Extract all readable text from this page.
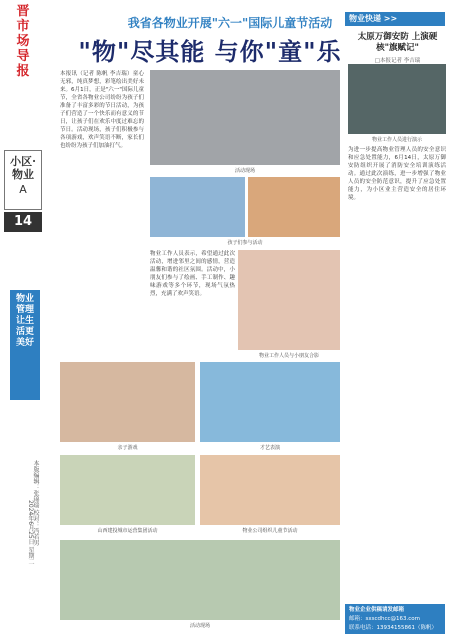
晋
市
场
导
报
小区·物业
A
14
物业管理 让生活更美好
本版编辑：张锦瑞 校对：冯若男
2024年6月25日 星期二
我省各物业开展"六一"国际儿童节活动
"物"尽其能 与你"童"乐
本报讯（记者 陈帆 李吉瑞）童心无邪，纯真梦想，彩笔绘出美好未来。6月1日，正是"六一"国际儿童节，全省各物业公司纷纷为孩子们准备了丰富多彩的节日活动，为孩子们营造了一个快乐而有意义的节日，让孩子们在欢乐中度过难忘的节日。活动现场，孩子们积极参与各项游戏，欢声笑语不断，家长们也纷纷为孩子们加油打气。
活动现场
孩子们参与活动
物业工作人员表示，希望通过此次活动，增进邻里之间的感情，营造温馨和谐的社区氛围。活动中，小朋友们参与了绘画、手工制作、趣味游戏等多个环节，现场气氛热烈，充满了欢声笑语。
物业工作人员与小朋友合影
亲子游戏	才艺表演
山西建投城市运营集团活动	物业公司组织儿童节活动
活动现场
物业快递 >>
太原万御安防 上演硬核"旗赋记"
□本报记者 李吉瑞
物业工作人员进行演示
为进一步提高物业管理人员的安全意识和应急处置能力，6月14日，太原万御安防组织开展了消防安全培训演练活动。通过此次演练，进一步增强了物业人员的安全防范意识，提升了应急处置能力，为小区业主营造安全的居住环境。
物业企业供稿请发邮箱
邮箱：sxscdhcc@163.com
联系电话：13934155861（陈帆）
